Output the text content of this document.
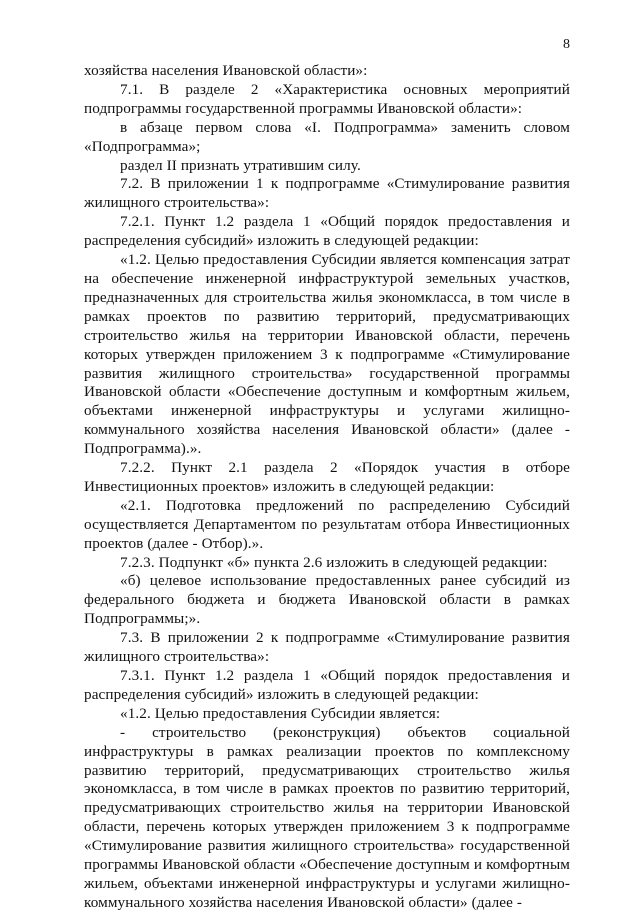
8

хозяйства населения Ивановской области»:

7.1. В разделе 2 «Характеристика основных мероприятий подпрограммы государственной программы Ивановской области»:

в абзаце первом слова «I. Подпрограмма» заменить словом «Подпрограмма»;

раздел II признать утратившим силу.

7.2. В приложении 1 к подпрограмме «Стимулирование развития жилищного строительства»:

7.2.1. Пункт 1.2 раздела 1 «Общий порядок предоставления и распределения субсидий» изложить в следующей редакции:

«1.2. Целью предоставления Субсидии является компенсация затрат на обеспечение инженерной инфраструктурой земельных участков, предназначенных для строительства жилья экономкласса, в том числе в рамках проектов по развитию территорий, предусматривающих строительство жилья на территории Ивановской области, перечень которых утвержден приложением 3 к подпрограмме «Стимулирование развития жилищного строительства» государственной программы Ивановской области «Обеспечение доступным и комфортным жильем, объектами инженерной инфраструктуры и услугами жилищно-коммунального хозяйства населения Ивановской области» (далее - Подпрограмма).».

7.2.2. Пункт 2.1 раздела 2 «Порядок участия в отборе Инвестиционных проектов» изложить в следующей редакции:

«2.1. Подготовка предложений по распределению Субсидий осуществляется Департаментом по результатам отбора Инвестиционных проектов (далее - Отбор).».

7.2.3. Подпункт «б» пункта 2.6 изложить в следующей редакции:

«б) целевое использование предоставленных ранее субсидий из федерального бюджета и бюджета Ивановской области в рамках Подпрограммы;».

7.3. В приложении 2 к подпрограмме «Стимулирование развития жилищного строительства»:

7.3.1. Пункт 1.2 раздела 1 «Общий порядок предоставления и распределения субсидий» изложить в следующей редакции:

«1.2. Целью предоставления Субсидии является:

- строительство (реконструкция) объектов социальной инфраструктуры в рамках реализации проектов по комплексному развитию территорий, предусматривающих строительство жилья экономкласса, в том числе в рамках проектов по развитию территорий, предусматривающих строительство жилья на территории Ивановской области, перечень которых утвержден приложением 3 к подпрограмме «Стимулирование развития жилищного строительства» государственной программы Ивановской области «Обеспечение доступным и комфортным жильем, объектами инженерной инфраструктуры и услугами жилищно-коммунального хозяйства населения Ивановской области» (далее -
